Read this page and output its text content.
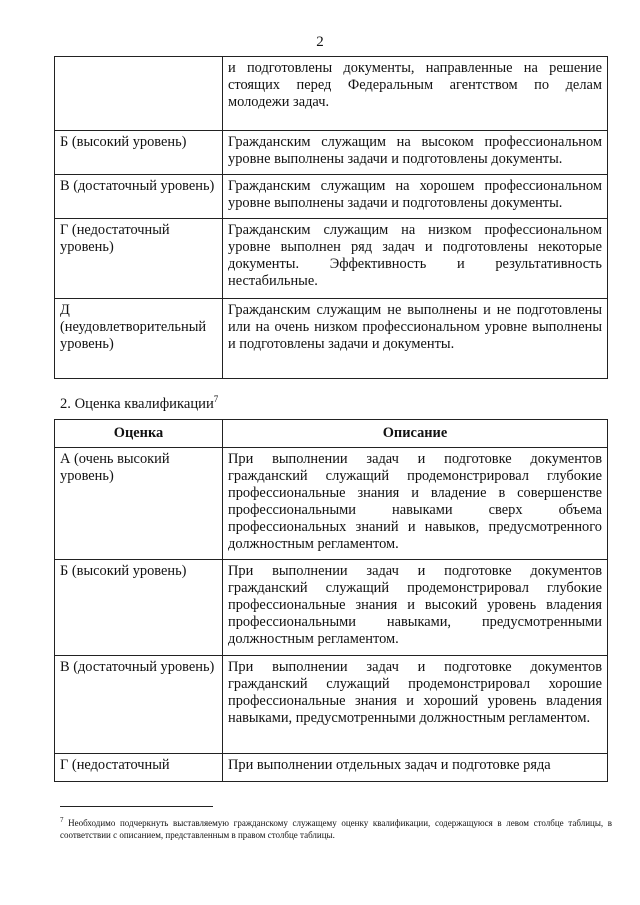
2
	и подготовлены документы, направленные на решение стоящих перед Федеральным агентством по делам молодежи задач.
Б (высокий уровень)	Гражданским служащим на высоком профессиональном уровне выполнены задачи и подготовлены документы.
В (достаточный уровень)	Гражданским служащим на хорошем профессиональном уровне выполнены задачи и подготовлены документы.
Г (недостаточный уровень)	Гражданским служащим на низком профессиональном уровне выполнен ряд задач и подготовлены некоторые документы. Эффективность и результативность нестабильные.
Д (неудовлетворительный уровень)	Гражданским служащим не выполнены и не подготовлены или на очень низком профессиональном уровне выполнены и подготовлены задачи и документы.
2. Оценка квалификации$^7$
Оценка	Описание
А (очень высокий уровень)	При выполнении задач и подготовке документов гражданский служащий продемонстрировал глубокие профессиональные знания и владение в совершенстве профессиональными навыками сверх объема профессиональных знаний и навыков, предусмотренного должностным регламентом.
Б (высокий уровень)	При выполнении задач и подготовке документов гражданский служащий продемонстрировал глубокие профессиональные знания и высокий уровень владения профессиональными навыками, предусмотренными должностным регламентом.
В (достаточный уровень)	При выполнении задач и подготовке документов гражданский служащий продемонстрировал хорошие профессиональные знания и хороший уровень владения навыками, предусмотренными должностным регламентом.
Г (недостаточный	При выполнении отдельных задач и подготовке ряда
$^7$ Необходимо подчеркнуть выставляемую гражданскому служащему оценку квалификации, содержащуюся в левом столбце таблицы, в соответствии с описанием, представленным в правом столбце таблицы.
